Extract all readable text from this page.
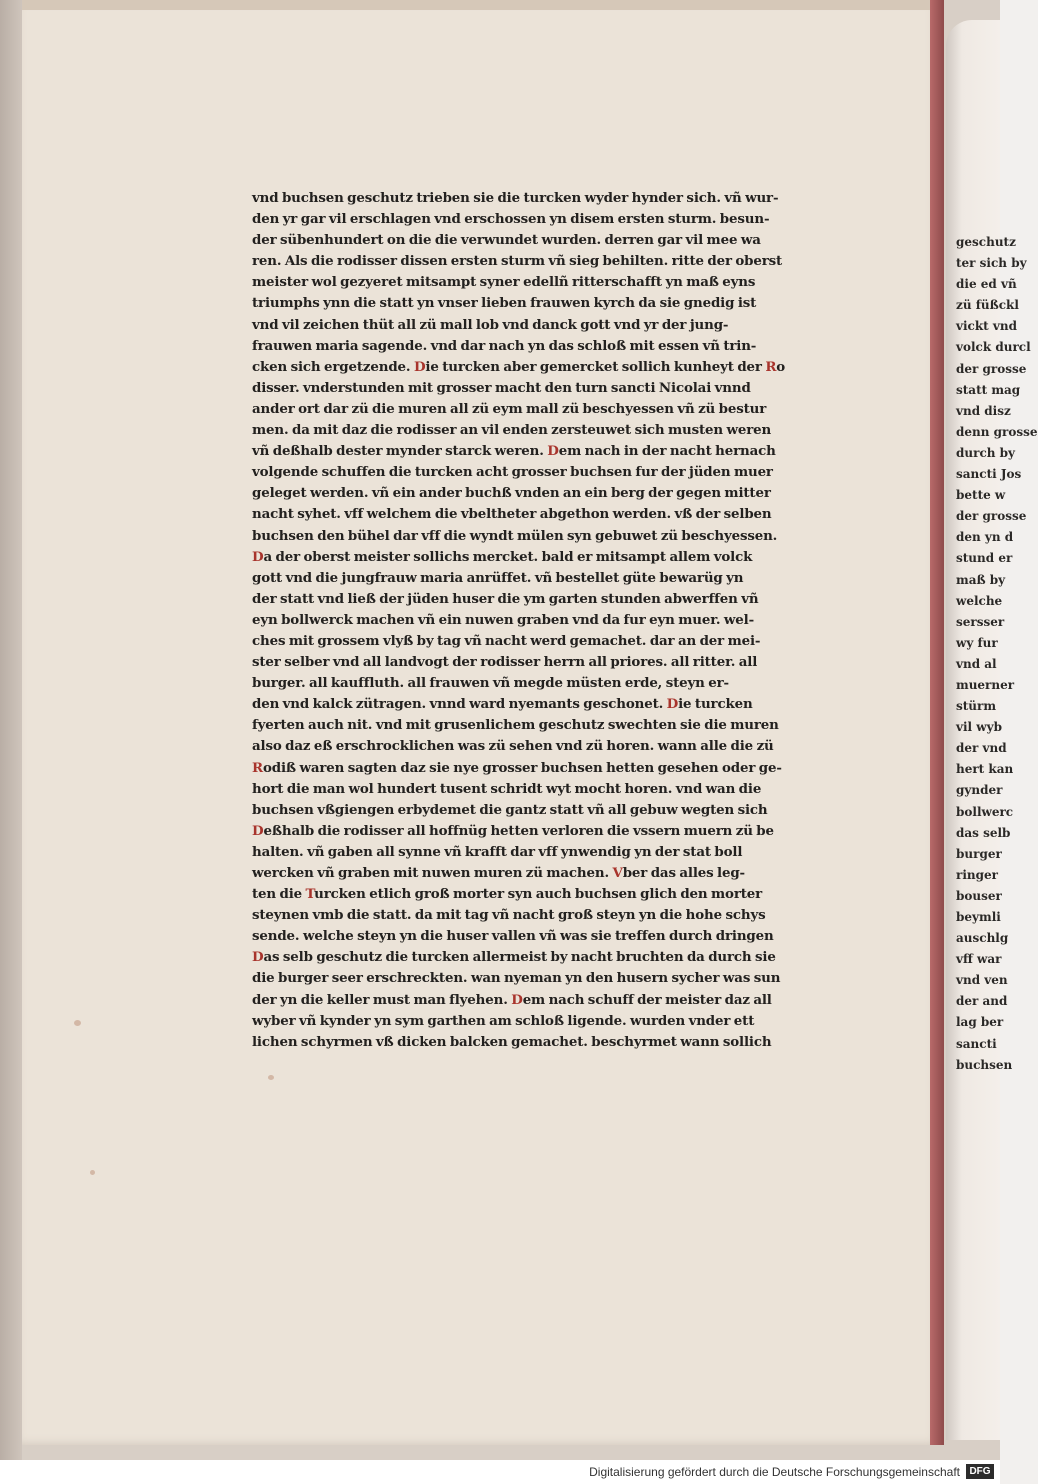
vnd buchsen geschutz trieben sie die turcken wyder hynder sich. vñ wur-
den yr gar vil erschlagen vnd erschossen yn disem ersten sturm. besun-
der sübenhundert on die die verwundet wurden. derren gar vil mee wa
ren. Als die rodisser dissen ersten sturm vñ sieg behilten. ritte der oberst
meister wol gezyeret mitsampt syner edellñ ritterschafft yn maß eyns
triumphs ynn die statt yn vnser lieben frauwen kyrch da sie gnedig ist
vnd vil zeichen thüt all zü mall lob vnd danck gott vnd yr der jung-
frauwen maria sagende. vnd dar nach yn das schloß mit essen vñ trin-
cken sich ergetzende. Die turcken aber gemercket sollich kunheyt der Ro
disser. vnderstunden mit grosser macht den turn sancti Nicolai vnnd
ander ort dar zü die muren all zü eym mall zü beschyessen vñ zü bestur
men. da mit daz die rodisser an vil enden zersteuwet sich musten weren
vñ deßhalb dester mynder starck weren. Dem nach in der nacht hernach
volgende schuffen die turcken acht grosser buchsen fur der jüden muer
geleget werden. vñ ein ander buchß vnden an ein berg der gegen mitter
nacht syhet. vff welchem die vbeltheter abgethon werden. vß der selben
buchsen den bühel dar vff die wyndt mülen syn gebuwet zü beschyessen.
Da der oberst meister sollichs mercket. bald er mitsampt allem volck
gott vnd die jungfrauw maria anrüffet. vñ bestellet güte bewarüg yn
der statt vnd ließ der jüden huser die ym garten stunden abwerffen vñ
eyn bollwerck machen vñ ein nuwen graben vnd da fur eyn muer. wel-
ches mit grossem vlyß by tag vñ nacht werd gemachet. dar an der mei-
ster selber vnd all landvogt der rodisser herrn all priores. all ritter. all
burger. all kauffluth. all frauwen vñ megde müsten erde, steyn er-
den vnd kalck zütragen. vnnd ward nyemants geschonet. Die turcken
fyerten auch nit. vnd mit grusenlichem geschutz swechten sie die muren
also daz eß erschrocklichen was zü sehen vnd zü horen. wann alle die zü
Rodiß waren sagten daz sie nye grosser buchsen hetten gesehen oder ge-
hort die man wol hundert tusent schridt wyt mocht horen. vnd wan die
buchsen vßgiengen erbydemet die gantz statt vñ all gebuw wegten sich
Deßhalb die rodisser all hoffnüg hetten verloren die vssern muern zü be
halten. vñ gaben all synne vñ krafft dar vff ynwendig yn der stat boll
wercken vñ graben mit nuwen muren zü machen. Vber das alles leg-
ten die Turcken etlich groß morter syn auch buchsen glich den morter
steynen vmb die statt. da mit tag vñ nacht groß steyn yn die hohe schys
sende. welche steyn yn die huser vallen vñ was sie treffen durch dringen
Das selb geschutz die turcken allermeist by nacht bruchten da durch sie
die burger seer erschreckten. wan nyeman yn den husern sycher was sun
der yn die keller must man flyehen. Dem nach schuff der meister daz all
wyber vñ kynder yn sym garthen am schloß ligende. wurden vnder ett
lichen schyrmen vß dicken balcken gemachet. beschyrmet wann sollich
geschutz
ter sich by
die ed vñ
zü füßckl
vickt vnd
volck durcl
der grosse
statt mag
vnd disz
denn grosse
durch by
sancti Jos
bette w
der grosse
den yn d
stund er
maß by
welche
sersser
wy fur
vnd al
muerner
stürm
vil wyb
der vnd
hert kan
gynder
bollwerc
das selb
burger
ringer
bouser
beymli
auschlg
vff war
vnd ven
der and
lag ber
sancti
buchsen
Digitalisierung gefördert durch die Deutsche Forschungsgemeinschaft DFG
